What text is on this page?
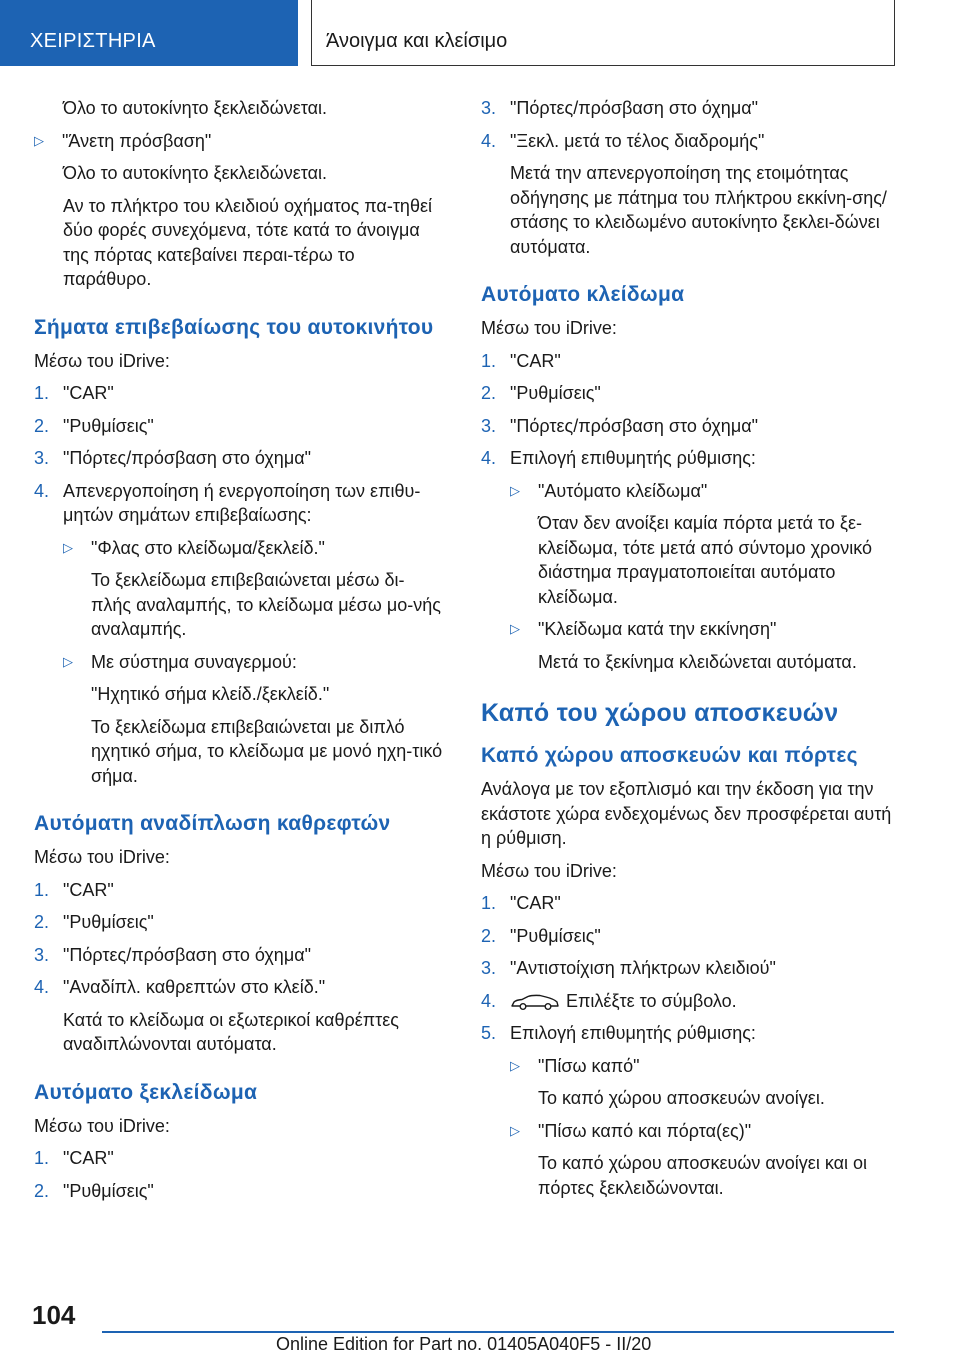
ΧΕΙΡΙΣΤΗΡΙΑ	Άνοιγμα και κλείσιμο

Όλο το αυτοκίνητο ξεκλειδώνεται.

▷	"Άνετη πρόσβαση"

Όλο το αυτοκίνητο ξεκλειδώνεται.

Αν το πλήκτρο του κλειδιού οχήματος πα-τηθεί δύο φορές συνεχόμενα, τότε κατά το άνοιγμα της πόρτας κατεβαίνει περαι-τέρω το παράθυρο.

Σήματα επιβεβαίωσης του αυτοκινήτου

Μέσω του iDrive:

1. "CAR"
2. "Ρυθμίσεις"
3. "Πόρτες/πρόσβαση στο όχημα"
4. Απενεργοποίηση ή ενεργοποίηση των επιθυ-μητών σημάτων επιβεβαίωσης:
▷	"Φλας στο κλείδωμα/ξεκλείδ."

Το ξεκλείδωμα επιβεβαιώνεται μέσω δι-πλής αναλαμπής, το κλείδωμα μέσω μο-νής αναλαμπής.

▷	Με σύστημα συναγερμού:

"Ηχητικό σήμα κλείδ./ξεκλείδ."

Το ξεκλείδωμα επιβεβαιώνεται με διπλό ηχητικό σήμα, το κλείδωμα με μονό ηχη-τικό σήμα.

Αυτόματη αναδίπλωση καθρεφτών

Μέσω του iDrive:

1. "CAR"
2. "Ρυθμίσεις"
3. "Πόρτες/πρόσβαση στο όχημα"
4. "Αναδίπλ. καθρεπτών στο κλείδ."

Κατά το κλείδωμα οι εξωτερικοί καθρέπτες αναδιπλώνονται αυτόματα.

Αυτόματο ξεκλείδωμα

Μέσω του iDrive:

1. "CAR"
2. "Ρυθμίσεις"
3. "Πόρτες/πρόσβαση στο όχημα"
4. "Ξεκλ. μετά το τέλος διαδρομής"

Μετά την απενεργοποίηση της ετοιμότητας οδήγησης με πάτημα του πλήκτρου εκκίνη-σης/στάσης το κλειδωμένο αυτοκίνητο ξεκλει-δώνει αυτόματα.

Αυτόματο κλείδωμα

Μέσω του iDrive:

1. "CAR"
2. "Ρυθμίσεις"
3. "Πόρτες/πρόσβαση στο όχημα"
4. Επιλογή επιθυμητής ρύθμισης:
▷	"Αυτόματο κλείδωμα"

Όταν δεν ανοίξει καμία πόρτα μετά το ξε-κλείδωμα, τότε μετά από σύντομο χρονικό διάστημα πραγματοποιείται αυτόματο κλείδωμα.

▷	"Κλείδωμα κατά την εκκίνηση"

Μετά το ξεκίνημα κλειδώνεται αυτόματα.

Καπό του χώρου αποσκευών
Καπό χώρου αποσκευών και πόρτες

Ανάλογα με τον εξοπλισμό και την έκδοση για την εκάστοτε χώρα ενδεχομένως δεν προσφέρεται αυτή η ρύθμιση.

Μέσω του iDrive:

1. "CAR"
2. "Ρυθμίσεις"
3. "Αντιστοίχιση πλήκτρων κλειδιού"
4.	Επιλέξτε το σύμβολο.
5. Επιλογή επιθυμητής ρύθμισης:
▷	"Πίσω καπό"

Το καπό χώρου αποσκευών ανοίγει.

▷	"Πίσω καπό και πόρτα(ες)"

Το καπό χώρου αποσκευών ανοίγει και οι πόρτες ξεκλειδώνονται.

104
Online Edition for Part no. 01405A040F5 - II/20
